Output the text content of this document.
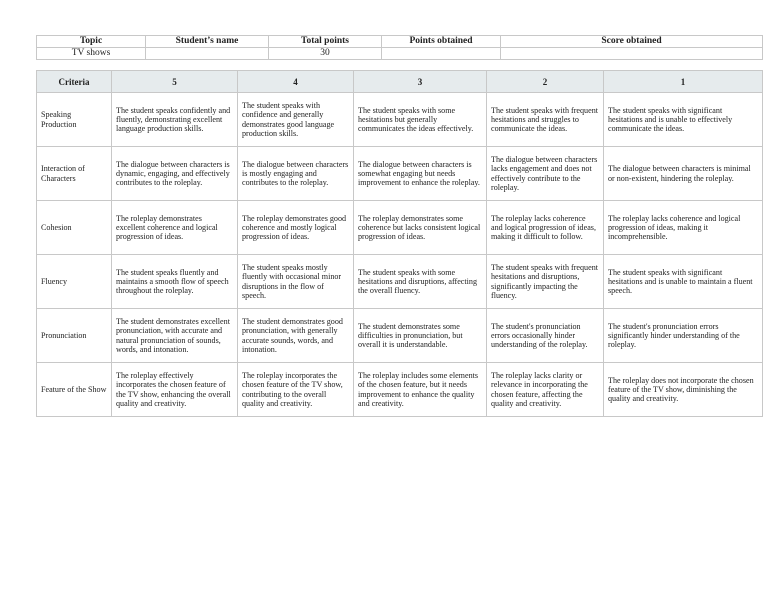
Topic	Student’s name	Total points	Points obtained	Score obtained
TV shows		30		
Criteria	5	4	3	2	1
Speaking Production	The student speaks confidently and fluently, demonstrating excellent language production skills.	The student speaks with confidence and generally demonstrates good language production skills.	The student speaks with some hesitations but generally communicates the ideas effectively.	The student speaks with frequent hesitations and struggles to communicate the ideas.	The student speaks with significant hesitations and is unable to effectively communicate the ideas.
Interaction of Characters	The dialogue between characters is dynamic, engaging, and effectively contributes to the roleplay.	The dialogue between characters is mostly engaging and contributes to the roleplay.	The dialogue between characters is somewhat engaging but needs improvement to enhance the roleplay.	The dialogue between characters lacks engagement and does not effectively contribute to the roleplay.	The dialogue between characters is minimal or non-existent, hindering the roleplay.
Cohesion	The roleplay demonstrates excellent coherence and logical progression of ideas.	The roleplay demonstrates good coherence and mostly logical progression of ideas.	The roleplay demonstrates some coherence but lacks consistent logical progression of ideas.	The roleplay lacks coherence and logical progression of ideas, making it difficult to follow.	The roleplay lacks coherence and logical progression of ideas, making it incomprehensible.
Fluency	The student speaks fluently and maintains a smooth flow of speech throughout the roleplay.	The student speaks mostly fluently with occasional minor disruptions in the flow of speech.	The student speaks with some hesitations and disruptions, affecting the overall fluency.	The student speaks with frequent hesitations and disruptions, significantly impacting the fluency.	The student speaks with significant hesitations and is unable to maintain a fluent speech.
Pronunciation	The student demonstrates excellent pronunciation, with accurate and natural pronunciation of sounds, words, and intonation.	The student demonstrates good pronunciation, with generally accurate sounds, words, and intonation.	The student demonstrates some difficulties in pronunciation, but overall it is understandable.	The student's pronunciation errors occasionally hinder understanding of the roleplay.	The student's pronunciation errors significantly hinder understanding of the roleplay.
Feature of the Show	The roleplay effectively incorporates the chosen feature of the TV show, enhancing the overall quality and creativity.	The roleplay incorporates the chosen feature of the TV show, contributing to the overall quality and creativity.	The roleplay includes some elements of the chosen feature, but it needs improvement to enhance the quality and creativity.	The roleplay lacks clarity or relevance in incorporating the chosen feature, affecting the quality and creativity.	The roleplay does not incorporate the chosen feature of the TV show, diminishing the quality and creativity.
